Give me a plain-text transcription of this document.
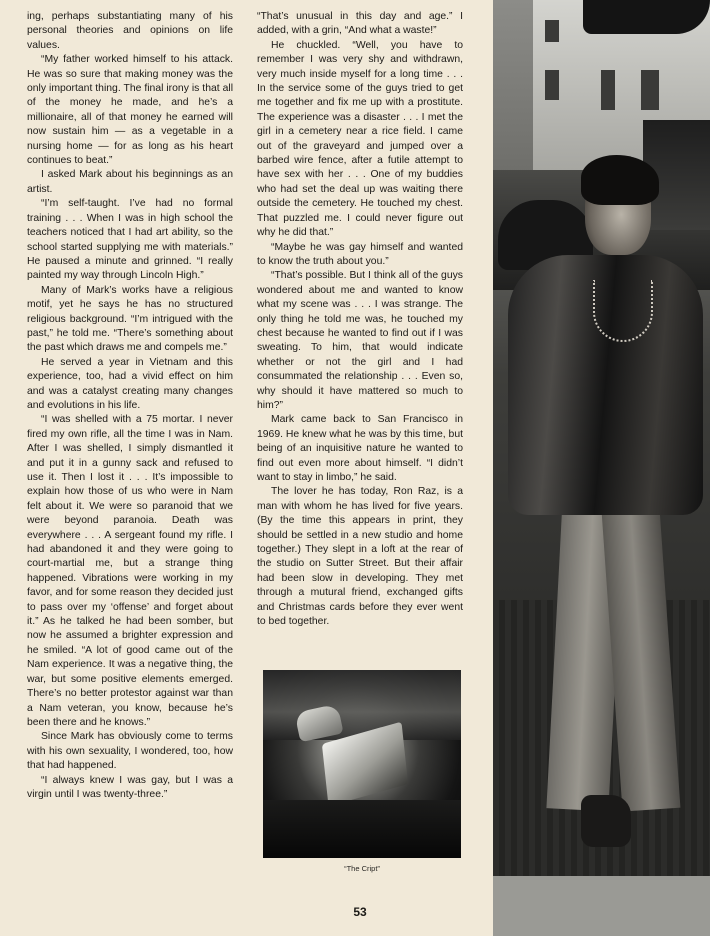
ing, perhaps substantiating many of his personal theories and opinions on life values.

“My father worked himself to his attack. He was so sure that making money was the only important thing. The final irony is that all of the money he made, and he’s a millionaire, all of that money he earned will now sustain him — as a vegetable in a nursing home — for as long as his heart continues to beat.”

I asked Mark about his beginnings as an artist.

“I’m self-taught. I’ve had no formal training . . . When I was in high school the teachers noticed that I had art ability, so the school started supplying me with materials.” He paused a minute and grinned. “I really painted my way through Lincoln High.”

Many of Mark’s works have a religious motif, yet he says he has no structured religious background. “I’m intrigued with the past,” he told me. “There’s something about the past which draws me and compels me.”

He served a year in Vietnam and this experience, too, had a vivid effect on him and was a catalyst creating many changes and evolutions in his life.

“I was shelled with a 75 mortar. I never fired my own rifle, all the time I was in Nam. After I was shelled, I simply dismantled it and put it in a gunny sack and refused to use it. Then I lost it . . . It’s impossible to explain how those of us who were in Nam felt about it. We were so paranoid that we were beyond paranoia. Death was everywhere . . . A sergeant found my rifle. I had abandoned it and they were going to court-martial me, but a strange thing happened. Vibrations were working in my favor, and for some reason they decided just to pass over my ‘offense’ and forget about it.” As he talked he had been somber, but now he assumed a brighter expression and he smiled. “A lot of good came out of the Nam experience. It was a negative thing, the war, but some positive elements emerged. There’s no better protestor against war than a Nam veteran, you know, because he’s been there and he knows.”

Since Mark has obviously come to terms with his own sexuality, I wondered, too, how that had happened.

“I always knew I was gay, but I was a virgin until I was twenty-three.”

“That’s unusual in this day and age.” I added, with a grin, “And what a waste!”

He chuckled. “Well, you have to remember I was very shy and withdrawn, very much inside myself for a long time . . . In the service some of the guys tried to get me together and fix me up with a prostitute. The experience was a disaster . . . I met the girl in a cemetery near a rice field. I came out of the graveyard and jumped over a barbed wire fence, after a futile attempt to have sex with her . . . One of my buddies who had set the deal up was waiting there outside the cemetery. He touched my chest. That puzzled me. I could never figure out why he did that.”

“Maybe he was gay himself and wanted to know the truth about you.”

“That’s possible. But I think all of the guys wondered about me and wanted to know what my scene was . . . I was strange. The only thing he told me was, he touched my chest because he wanted to find out if I was sweating. To him, that would indicate whether or not the girl and I had consummated the relationship . . . Even so, why should it have mattered so much to him?”

Mark came back to San Francisco in 1969. He knew what he was by this time, but being of an inquisitive nature he wanted to find out even more about himself. “I didn’t want to stay in limbo,” he said.

The lover he has today, Ron Raz, is a man with whom he has lived for five years. (By the time this appears in print, they should be settled in a new studio and home together.) They slept in a loft at the rear of the studio on Sutter Street. But their affair had been slow in developing. They met through a mutural friend, exchanged gifts and Christmas cards before they ever went to bed together.

“The Cript”
53
